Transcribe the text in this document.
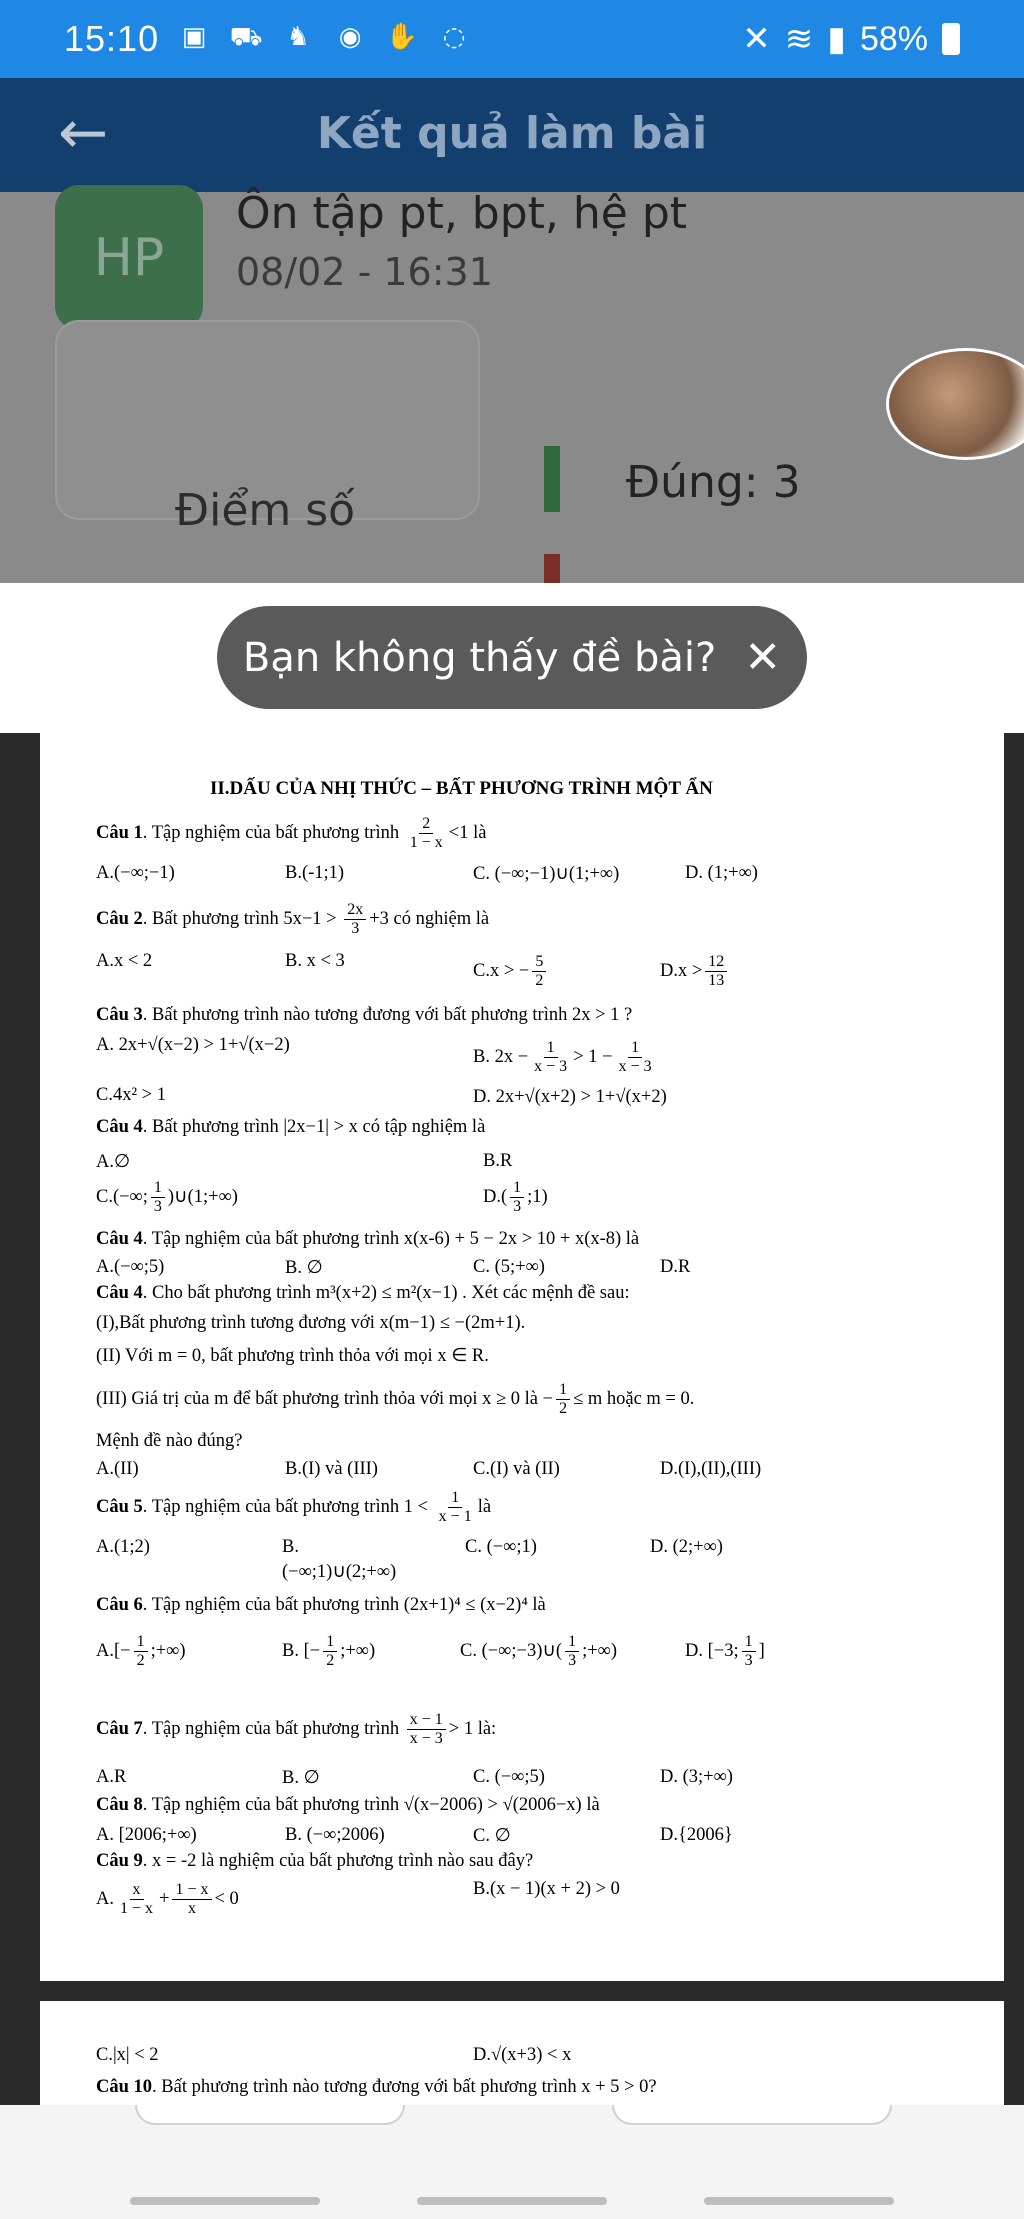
15:10 ▣ ⛟ ♞ ◉ ✋ ◌	✕ ≋ ▮ 58%
←	Kết quả làm bài
HP
Ôn tập pt, bpt, hệ pt
08/02 - 16:31
Điểm số
Đúng: 3
Bạn không thấy đề bài? ✕
II.DẤU CỦA NHỊ THỨC – BẤT PHƯƠNG TRÌNH MỘT ẨN
Câu 1. Tập nghiệm của bất phương trình $\frac{2}{1 - x} <1$ là
A.(−∞;−1)	B.(-1;1)	C. (−∞;−1)∪(1;+∞)	D. (1;+∞)
Câu 2. Bất phương trình $5x-1 > \frac{2x}{3} +3$ có nghiệm là
A.x < 2	B. x < 3
C.x > − $\frac{5}{2}$	$D.x > \frac{12}{13}$
Câu 3. Bất phương trình nào tương đương với bất phương trình 2x > 1 ?
A. 2x+√(x−2) > 1+√(x−2)
B. $2x - \frac{1}{x - 3} > 1 - \frac{1}{x - 3}$
C.4x² > 1	D. 2x+√(x+2) > 1+√(x+2)
Câu 4. Bất phương trình |2x−1| > x có tập nghiệm là
A.∅	B.R
C.(−∞; $\frac{1}{3}$ )∪(1;+∞)	$D.( \frac{1}{3}$ ;1)
Câu 4. Tập nghiệm của bất phương trình x(x-6) + 5 − 2x > 10 + x(x-8) là
A.(−∞;5)	B. ∅	C. (5;+∞)	D.R
Câu 4. Cho bất phương trình m³(x+2) ≤ m²(x−1) . Xét các mệnh đề sau:
(I),Bất phương trình tương đương với x(m−1) ≤ −(2m+1).
(II) Với m = 0, bất phương trình thỏa với mọi x ∈ R.
(III) Giá trị của m để bất phương trình thỏa với mọi x ≥ 0 là − $\frac{1}{2} \le m$ hoặc m = 0.
Mệnh đề nào đúng?
A.(II)	B.(I) và (III)	C.(I) và (II)	D.(I),(II),(III)
Câu 5. Tập nghiệm của bất phương trình $1 < \frac{1}{x - 1}$ là
A.(1;2)	B.
(−∞;1)∪(2;+∞)
C. (−∞;1)	D. (2;+∞)
Câu 6. Tập nghiệm của bất phương trình (2x+1)⁴ ≤ (x−2)⁴ là
$A.[- \frac{1}{2}$ ;+∞)	B. [− $\frac{1}{2}$ ;+∞)	C. (−∞;−3)∪( $\frac{1}{3}$ ;+∞)	D. [−3; $\frac{1}{3}$ ]
Câu 7. Tập nghiệm của bất phương trình $\frac{x - 1}{x - 3} > 1$ là:
A.R	B. ∅	C. (−∞;5)	D. (3;+∞)
Câu 8. Tập nghiệm của bất phương trình √(x−2006) > √(2006−x) là
A. [2006;+∞)	B. (−∞;2006)	C. ∅	D.{2006}
Câu 9. x = -2 là nghiệm của bất phương trình nào sau đây?
A. $\frac{x}{1 - x} + \frac{1 - x}{x} < 0$
B.(x − 1)(x + 2) > 0
C.|x| < 2	D.√(x+3) < x
Câu 10. Bất phương trình nào tương đương với bất phương trình x + 5 > 0?
